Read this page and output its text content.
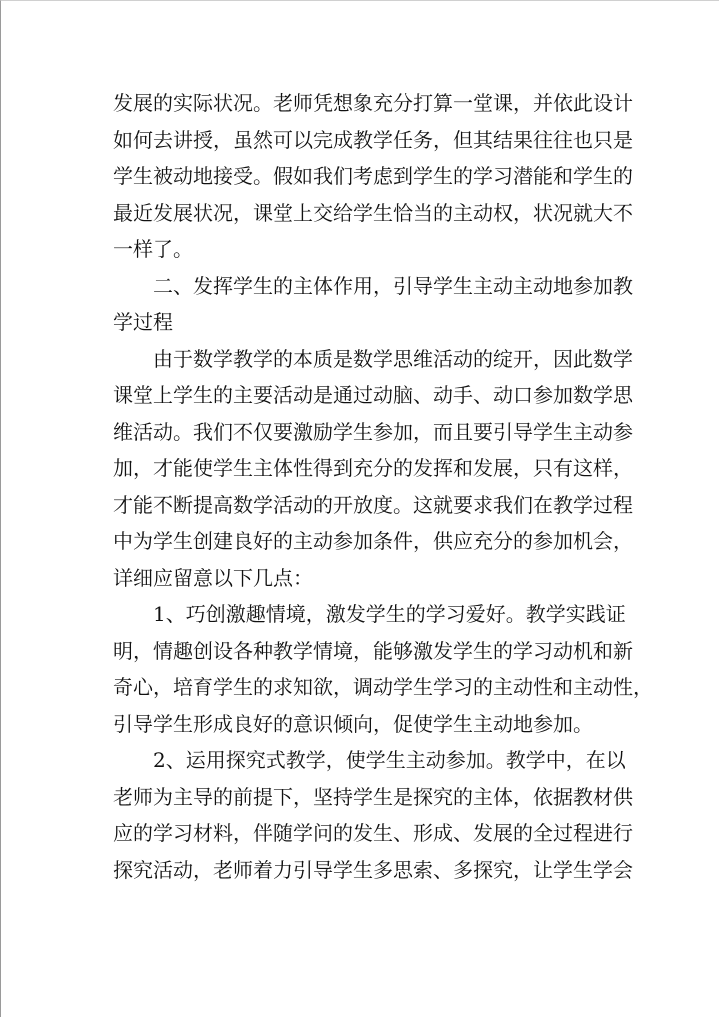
发展的实际状况。老师凭想象充分打算一堂课，并依此设计
如何去讲授，虽然可以完成教学任务，但其结果往往也只是
学生被动地接受。假如我们考虑到学生的学习潜能和学生的
最近发展状况，课堂上交给学生恰当的主动权，状况就大不
一样了。
二、发挥学生的主体作用，引导学生主动主动地参加教
学过程
由于数学教学的本质是数学思维活动的绽开，因此数学
课堂上学生的主要活动是通过动脑、动手、动口参加数学思
维活动。我们不仅要激励学生参加，而且要引导学生主动参
加，才能使学生主体性得到充分的发挥和发展，只有这样，
才能不断提高数学活动的开放度。这就要求我们在教学过程
中为学生创建良好的主动参加条件，供应充分的参加机会，
详细应留意以下几点：
1、巧创激趣情境，激发学生的学习爱好。教学实践证
明，情趣创设各种教学情境，能够激发学生的学习动机和新
奇心，培育学生的求知欲，调动学生学习的主动性和主动性，
引导学生形成良好的意识倾向，促使学生主动地参加。
2、运用探究式教学，使学生主动参加。教学中，在以
老师为主导的前提下，坚持学生是探究的主体，依据教材供
应的学习材料，伴随学问的发生、形成、发展的全过程进行
探究活动，老师着力引导学生多思索、多探究，让学生学会
